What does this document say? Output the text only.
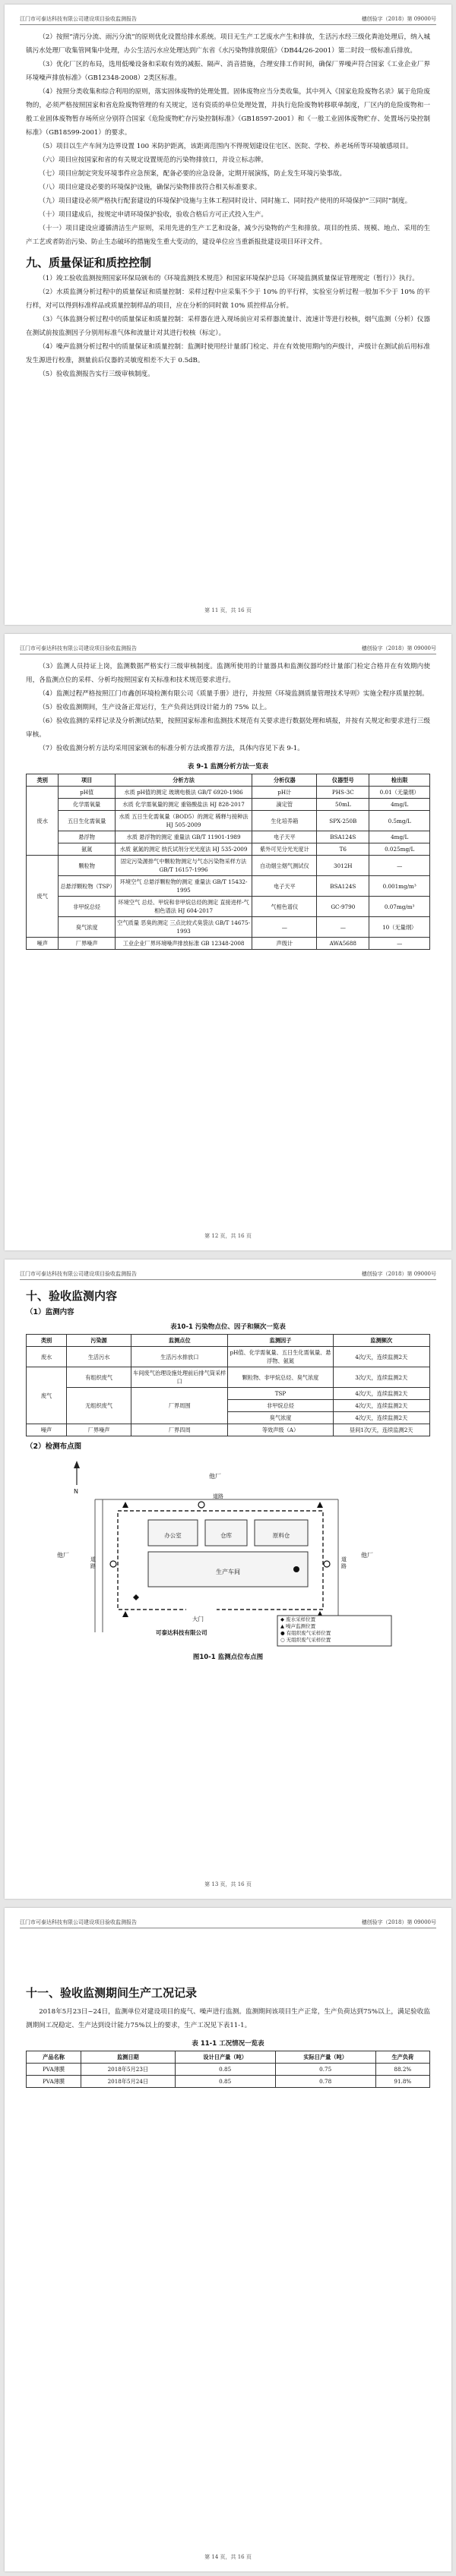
江门市可泰达科技有限公司建设项目验收监测报告	穗创验字（2018）第 09000号

（2）按照“清污分流、雨污分流”的原则优化设置给排水系统。项目无生产工艺废水产生和排放，生活污水经三级化粪池处理后，纳入城镇污水处理厂收集管网集中处理，办公生活污水应处理达到广东省《水污染物排放限值》（DB44/26-2001）第二时段一级标准后排放。

（3）优化厂区的布局，选用低噪设备和采取有效的减振、隔声、消音措施，合理安排工作时间，确保厂界噪声符合国家《工业企业厂界环境噪声排放标准》（GB12348-2008）2类区标准。

（4）按照分类收集和综合利用的原则，落实固体废物的处理处置。固体废物应当分类收集，其中列入《国家危险废物名录》属于危险废物的，必须严格按照国家和省危险废物管理的有关规定，送有资质的单位处理处置，并执行危险废物转移联单制度，厂区内的危险废物和一般工业固体废物暂存场所应分别符合国家《危险废物贮存污染控制标准》（GB18597-2001）和《一般工业固体废物贮存、处置场污染控制标准》（GB18599-2001）的要求。

（5）项目以生产车间为边界设置 100 米防护距离，该距离范围内不得规划建设住宅区、医院、学校、养老场所等环境敏感项目。

（六）项目应按国家和省的有关规定设置规范的污染物排放口，并设立标志牌。

（七）项目应制定突发环境事件应急预案，配备必要的应急设备，定期开展演练，防止发生环境污染事故。

（八）项目应建设必要的环境保护设施，确保污染物排放符合相关标准要求。

（九）项目建设必须严格执行配套建设的环境保护设施与主体工程同时设计、同时施工、同时投产使用的环境保护“三同时”制度。

（十）项目建成后，按规定申请环境保护验收，验收合格后方可正式投入生产。

（十一）项目建设应遵循清洁生产原则，采用先进的生产工艺和设备，减少污染物的产生和排放。项目的性质、规模、地点、采用的生产工艺或者防治污染、防止生态破坏的措施发生重大变动的，建设单位应当重新报批建设项目环评文件。

九、质量保证和质控控制

（1）竣工验收监测按照国家环保局颁布的《环境监测技术规范》和国家环境保护总局《环境监测质量保证管理规定（暂行）》执行。

（2）水质监测分析过程中的质量保证和质量控制：采样过程中应采集不少于 10% 的平行样，实验室分析过程一般加不少于 10% 的平行样，对可以得到标准样品或质量控制样品的项目，应在分析的同时做 10% 质控样品分析。

（3）气体监测分析过程中的质量保证和质量控制：采样器在进入现场前应对采样器流量计、流速计等进行校核，烟气监测（分析）仪器在测试前按监测因子分别用标准气体和流量计对其进行校核（标定）。

（4）噪声监测分析过程中的质量保证和质量控制：监测时使用经计量部门检定、并在有效使用期内的声级计，声级计在测试前后用标准发生源进行校准，测量前后仪器的灵敏度相差不大于 0.5dB。

（5）验收监测报告实行三级审核制度。

第 11 页，共 16 页
江门市可泰达科技有限公司建设项目验收监测报告	穗创验字（2018）第 09000号

（3）监测人员持证上岗，监测数据严格实行三级审核制度。监测所使用的计量器具和监测仪器均经计量部门检定合格并在有效期内使用，各监测点位的采样、分析均按照国家有关标准和技术规范要求进行。

（4）监测过程严格按照江门市鑫创环境检测有限公司《质量手册》进行，并按照《环境监测质量管理技术导则》实施全程序质量控制。

（5）验收监测期间，生产设备正常运行，生产负荷达到设计能力的 75% 以上。

（6）验收监测的采样记录及分析测试结果，按照国家标准和监测技术规范有关要求进行数据处理和填报，并按有关规定和要求进行三级审核。

（7）验收监测分析方法均采用国家颁布的标准分析方法或推荐方法，具体内容见下表 9-1。

表 9-1 监测分析方法一览表
类别	项目	分析方法	分析仪器	仪器型号	检出限
废水	pH值	水质 pH值的测定 玻璃电极法 GB/T 6920-1986	pH计	PHS-3C	0.01（无量纲）
	化学需氧量	水质 化学需氧量的测定 重铬酸盐法 HJ 828-2017	滴定管	50mL	4mg/L
	五日生化需氧量	水质 五日生化需氧量（BOD5）的测定 稀释与接种法 HJ 505-2009	生化培养箱	SPX-250B	0.5mg/L
	悬浮物	水质 悬浮物的测定 重量法 GB/T 11901-1989	电子天平	BSA124S	4mg/L
	氨氮	水质 氨氮的测定 纳氏试剂分光光度法 HJ 535-2009	紫外可见分光光度计	T6	0.025mg/L
废气	颗粒物	固定污染源排气中颗粒物测定与气态污染物采样方法 GB/T 16157-1996	自动烟尘烟气测试仪	3012H	—
	总悬浮颗粒物（TSP）	环境空气 总悬浮颗粒物的测定 重量法 GB/T 15432-1995	电子天平	BSA124S	0.001mg/m³
	非甲烷总烃	环境空气 总烃、甲烷和非甲烷总烃的测定 直接进样-气相色谱法 HJ 604-2017	气相色谱仪	GC-9790	0.07mg/m³
	臭气浓度	空气质量 恶臭的测定 三点比较式臭袋法 GB/T 14675-1993	—	—	10（无量纲）
噪声	厂界噪声	工业企业厂界环境噪声排放标准 GB 12348-2008	声级计	AWA5688	—
第 12 页，共 16 页
江门市可泰达科技有限公司建设项目验收监测报告	穗创验字（2018）第 09000号
十、验收监测内容
（1）监测内容
表10-1 污染物点位、因子和频次一览表
类别	污染源	监测点位	监测因子	监测频次
废水	生活污水	生活污水排放口	pH值、化学需氧量、五日生化需氧量、悬浮物、氨氮	4次/天，连续监测2天
废气	有组织废气	车间废气治理设施处理前后排气筒采样口	颗粒物、非甲烷总烃、臭气浓度	3次/天，连续监测2天
	无组织废气	厂界周围	TSP	4次/天，连续监测2天
			非甲烷总烃	4次/天，连续监测2天
			臭气浓度	4次/天，连续监测2天
噪声	厂界噪声	厂界四周	等效声级（A）	昼间1次/天，连续监测2天
（2）检测布点图
N
道路
道路
道路
他厂
他厂	他厂
办公室	仓库	原料仓
生产车间
大门
可泰达科技有限公司
◆ 废水采样位置
▲ 噪声监测位置
● 有组织废气采样位置
○ 无组织废气采样位置
图10-1 监测点位布点图
第 13 页，共 16 页
江门市可泰达科技有限公司建设项目验收监测报告	穗创验字（2018）第 09000号
十一、验收监测期间生产工况记录

2018年5月23日~24日，监测单位对建设项目的废气、噪声进行监测。监测期间该项目生产正常，生产负荷达到75%以上，满足验收监测期间工况稳定、生产达到设计能力75%以上的要求，生产工况见下表11-1。

表 11-1 工况情况一览表
产品名称	监测日期	设计日产量（吨）	实际日产量（吨）	生产负荷
PVA薄膜	2018年5月23日	0.85	0.75	88.2%
PVA薄膜	2018年5月24日	0.85	0.78	91.8%
第 14 页，共 16 页
